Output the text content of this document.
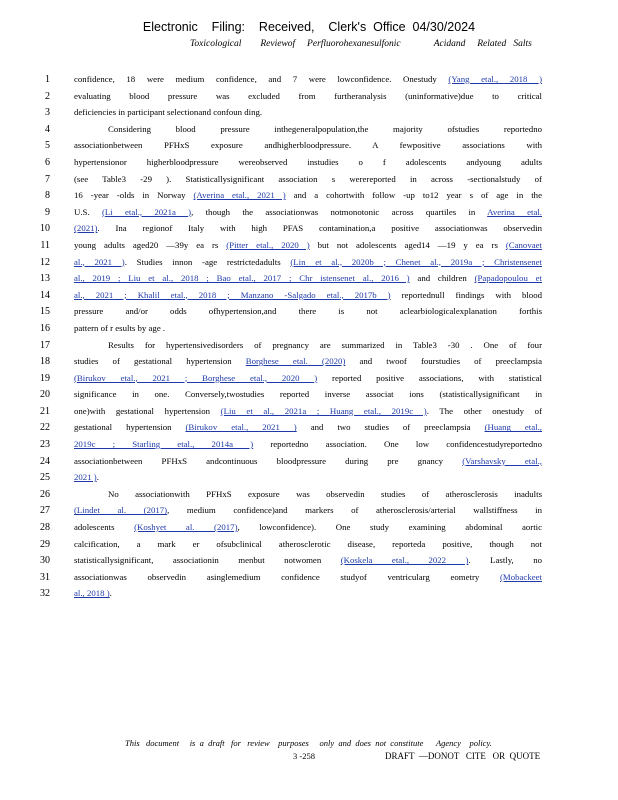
Electronic    Filing:    Received,    Clerk's  Office  04/30/2024
Toxicological        Reviewof     Perfluorohexanesulfonic              Acidand     Related   Salts
1	confidence, 18 were medium confidence, and 7 were lowconfidence. Onestudy (Yang etal., 2018 )
2	evaluating blood pressure was excluded from furtheranalysis (uninformative)due to critical
3	deficiencies in participant selectionand confoun ding.
4	Considering blood pressure inthegeneralpopulation,the majority ofstudies reportedno
5	associationbetween PFHxS exposure andhigherbloodpressure. A fewpositive associations with
6	hypertensionor higherbloodpressure wereobserved instudies o f adolescents andyoung adults
7	(see Table3 -29 ). Statisticallysignificant association s werereported in across -sectionalstudy of
8	16 -year -olds in Norway (Averina etal., 2021 ) and a cohortwith follow -up to12 year s of age in the
9	U.S. (Li etal., 2021a ), though the associationwas notmonotonic across quartiles in Averina etal.
10	(2021). Ina regionof Italy with high PFAS contamination,a positive associationwas observedin
11	young adults aged20 —39y ea rs (Pitter etal., 2020 ) but not adolescents aged14 —19 y ea rs (Canovaet
12	al., 2021 ). Studies innon -age restrictedadults (Lin et al., 2020b ; Chenet al., 2019a ; Christensenet
13	al., 2019 ; Liu et al., 2018 ; Bao etal., 2017 ; Chr istensenet al., 2016 ) and children (Papadopoulou et
14	al., 2021 ; Khalil etal., 2018 ; Manzano -Salgado etal., 2017b ) reportednull findings with blood
15	pressure and/or odds ofhypertension,and there is not aclearbiologicalexplanation forthis
16	pattern of r esults by age .
17	Results for hypertensivedisorders of pregnancy are summarized in Table3 -30 . One of four
18	studies of gestational hypertension Borghese etal. (2020) and twoof fourstudies of preeclampsia
19	(Birukov etal., 2021 ; Borghese etal., 2020 ) reported positive associations, with statistical
20	significance in one. Conversely,twostudies reported inverse associat ions (statisticallysignificant in
21	one)with gestational hypertension (Liu et al., 2021a ; Huang etal., 2019c ). The other onestudy of
22	gestational hypertension (Birukov etal., 2021 ) and two studies of preeclampsia (Huang etal.,
23	2019c ; Starling etal., 2014a ) reportedno association. One low confidencestudyreportedno
24	associationbetween PFHxS andcontinuous bloodpressure during pre gnancy (Varshavsky etal.,
25	2021 ).
26	No associationwith PFHxS exposure was observedin studies of atherosclerosis inadults
27	(Lindet al. (2017), medium confidence)and markers of atherosclerosis/arterial wallstiffness in
28	adolescents (Koshyet al. (2017), lowconfidence). One study examining abdominal aortic
29	calcification, a mark er ofsubclinical atherosclerotic disease, reporteda positive, though not
30	statisticallysignificant, associationin menbut notwomen (Koskela etal., 2022 ). Lastly, no
31	associationwas observedin asinglemedium confidence studyof ventricularg eometry (Mobackeet
32	al., 2018 ).
This   document     is  a  draft   for   review    purposes     only  and  does  not  constitute      Agency    policy.
3 -258	DRAFT  —DONOT   CITE   OR  QUOTE
